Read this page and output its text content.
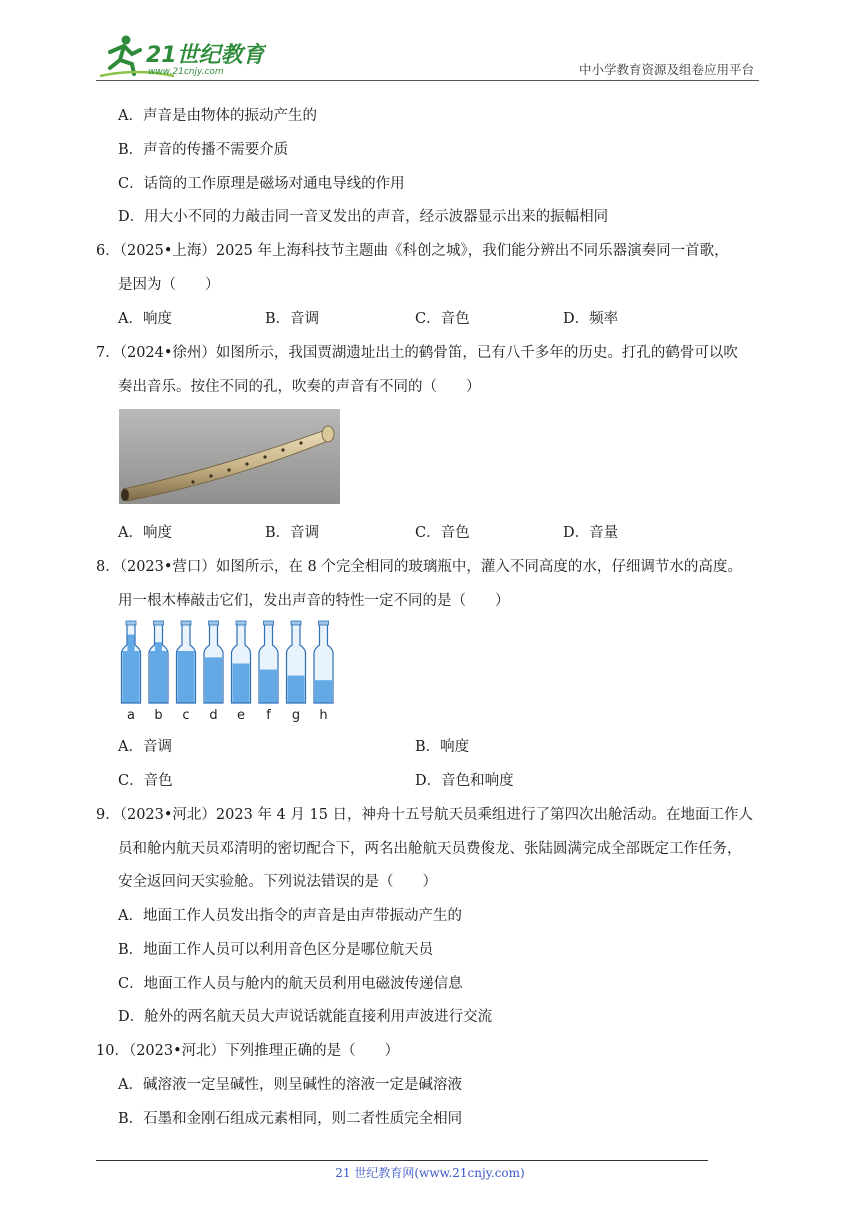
21世纪教育
www.21cnjy.com	中小学教育资源及组卷应用平台
A．声音是由物体的振动产生的
B．声音的传播不需要介质
C．话筒的工作原理是磁场对通电导线的作用
D．用大小不同的力敲击同一音叉发出的声音，经示波器显示出来的振幅相同
6．（2025•上海）2025 年上海科技节主题曲《科创之城》，我们能分辨出不同乐器演奏同一首歌，
是因为（　　）
A．响度	B．音调	C．音色	D．频率
7．（2024•徐州）如图所示，我国贾湖遗址出土的鹤骨笛，已有八千多年的历史。打孔的鹤骨可以吹
奏出音乐。按住不同的孔，吹奏的声音有不同的（　　）
A．响度	B．音调	C．音色	D．音量
8．（2023•营口）如图所示，在 8 个完全相同的玻璃瓶中，灌入不同高度的水，仔细调节水的高度。
用一根木棒敲击它们，发出声音的特性一定不同的是（　　）
a b c d e f g h
A．音调	B．响度
C．音色	D．音色和响度
9．（2023•河北）2023 年 4 月 15 日，神舟十五号航天员乘组进行了第四次出舱活动。在地面工作人
员和舱内航天员邓清明的密切配合下，两名出舱航天员费俊龙、张陆圆满完成全部既定工作任务，
安全返回问天实验舱。下列说法错误的是（　　）
A．地面工作人员发出指令的声音是由声带振动产生的
B．地面工作人员可以利用音色区分是哪位航天员
C．地面工作人员与舱内的航天员利用电磁波传递信息
D．舱外的两名航天员大声说话就能直接利用声波进行交流
10．（2023•河北）下列推理正确的是（　　）
A．碱溶液一定呈碱性，则呈碱性的溶液一定是碱溶液
B．石墨和金刚石组成元素相同，则二者性质完全相同
21 世纪教育网(www.21cnjy.com)
